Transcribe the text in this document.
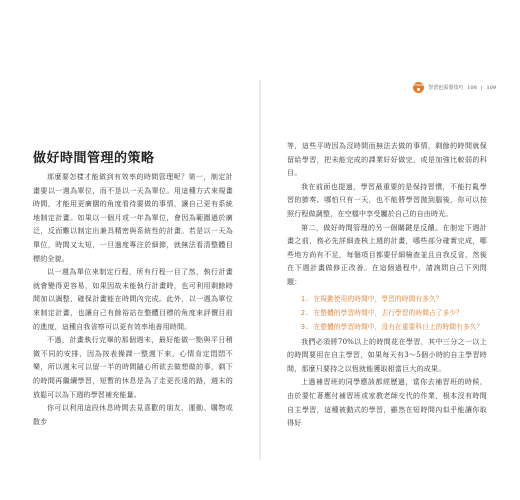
做好時間管理的策略

那麼要怎樣才能做到有效率的時間管理呢？第一，制定計畫要以一週為單位，而不是以一天為單位。用這種方式來規畫時間，才能用更廣闊的角度看待要做的事情，讓自己更有系統地制定計畫。如果以一個月或一年為單位，會因為範圍過於廣泛，反而難以制定出兼具精密與系統性的計畫。若是以一天為單位，時間又太短，一旦過度專注於細節，就無法看清整體目標的全貌。

以一週為單位來制定行程，所有行程一目了然，執行計畫就會變得更容易，如果因故未能執行計畫時，也可利用剩餘時間加以調整，確保計畫能在時間內完成。此外，以一週為單位來制定計畫，也讓自己有餘裕站在整體目標的角度來評價目前的進度，這種自我省察可以更有效率地善用時間。

不過，計畫執行完畢的那個週末，最好能做一點與平日稍微不同的安排，因為按表操課一整週下來，心情肯定悶悶不樂，所以週末可以留一半的時間隨心所欲去做想做的事，剩下的時間再繼續學習，短暫的休息是為了走更長遠的路，週末的放鬆可以為下週的學習補充能量。

你可以利用這段休息時間去見喜歡的朋友、運動、購物或散步

Chapter
學習也需要技巧 108 | 109

等，這些平時因為沒時間而無法去做的事情，剩餘的時間就保留給學習，把未能完成的課業好好做完，或是加強比較弱的科目。

我在前面也提過，學習最重要的是保持習慣，不能打亂學習的節奏。哪怕只有一天，也不能將學習拋到腦後，你可以按照行程做調整，在空檔中享受屬於自己的自由時光。

第二，做好時間管理的另一個關鍵是反饋。在制定下週計畫之前，務必先詳細查核上週的計畫，哪些部分確實完成，哪些地方尚有不足，每個項目都要仔細檢查並且自我反省，然後在下週計畫做修正改善。在這個過程中，請詢問自己下列問題：

1. 在規劃使用的時間中，學習的時間有多久？
2. 在整體的學習時間中，去行學習的時間占了多少？
3. 在整體的學習時間中，沒有在重要科目上的時間有多久？

我們必須將70%以上的時間花在學習，其中三分之一以上的時間要用在自主學習，如果每天有3〜5個小時的自主學習時間，那麼只要持之以恆就能獲取相當巨大的成果。

上過補習班的同學應該都經歷過，當你去補習班的時候，由於要忙著應付補習班或家教老師交代的作業，根本沒有時間自主學習，這種被動式的學習，雖然在短時間內似乎能讓你取得好
